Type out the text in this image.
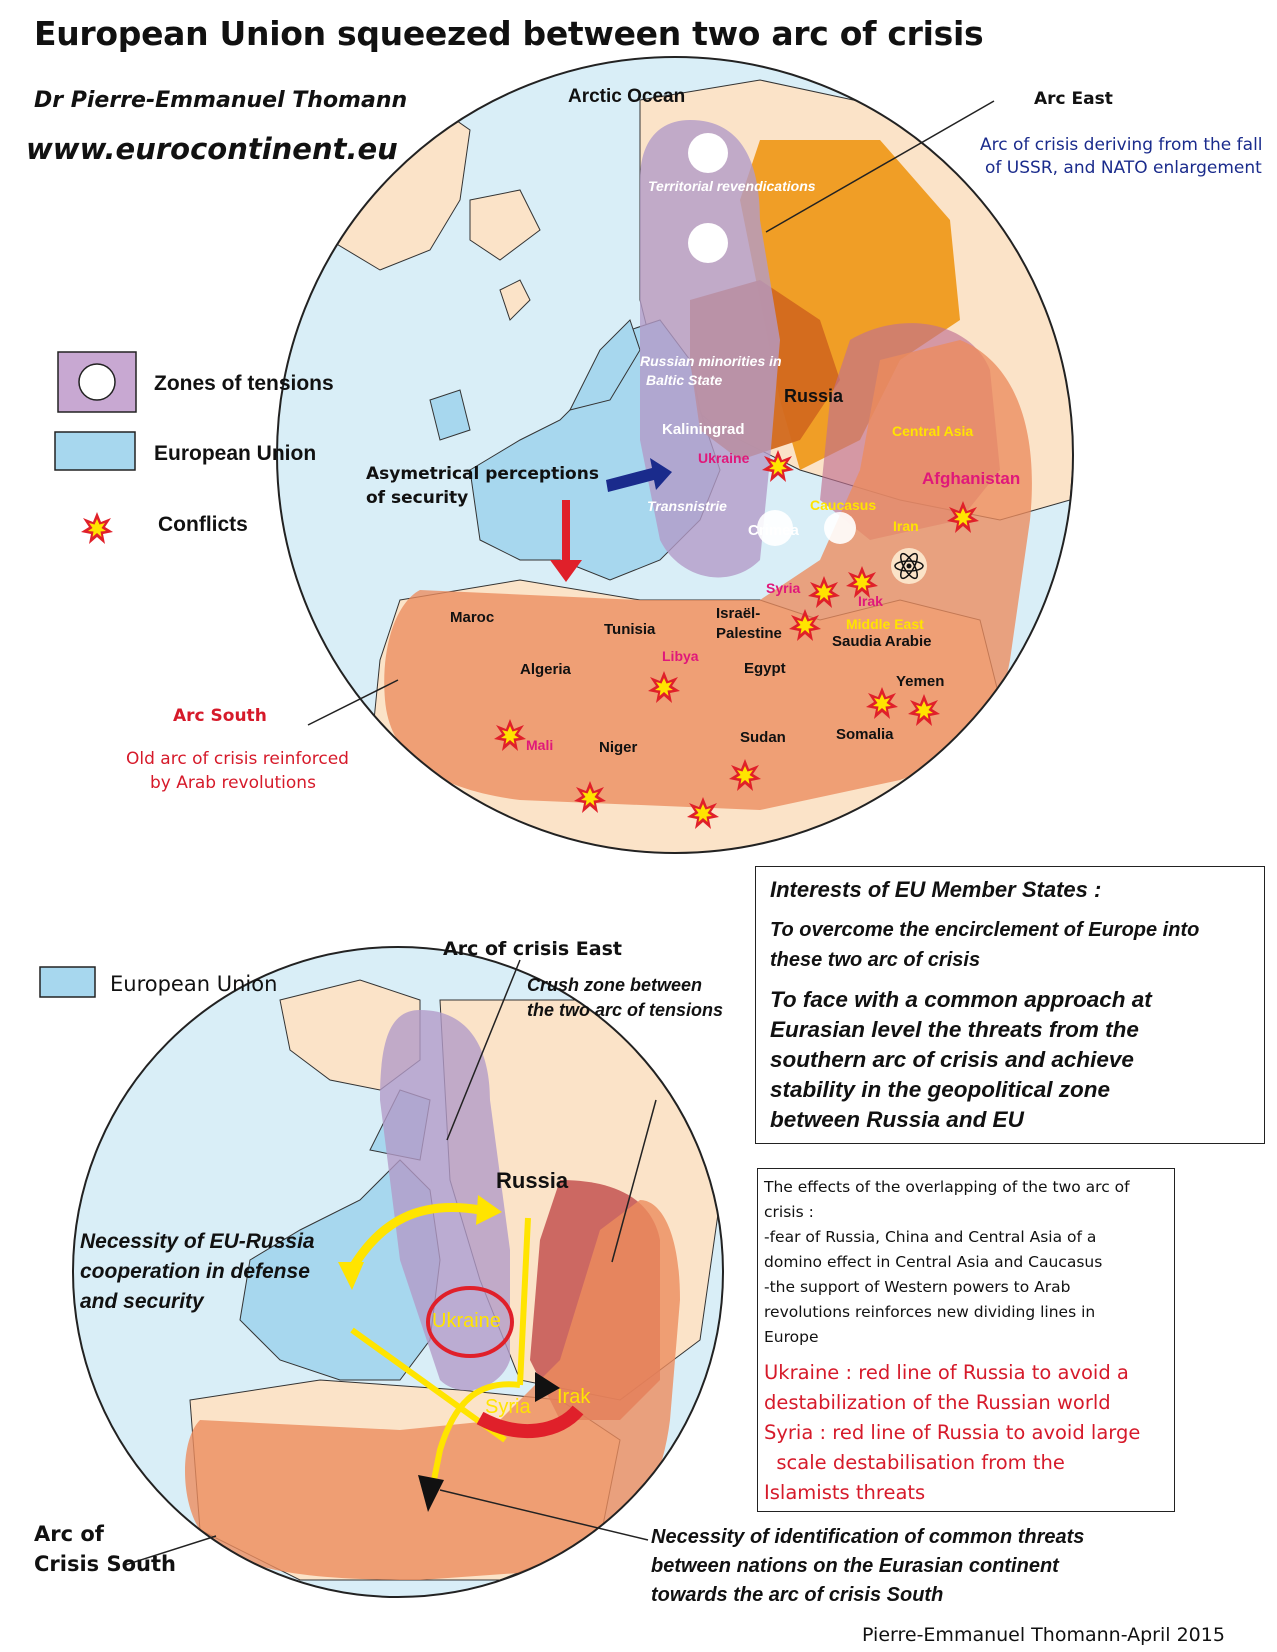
European Union squeezed between two arc of crisis
Dr Pierre-Emmanuel Thomann
www.eurocontinent.eu
Zones of tensions
European Union
Conflicts
Arc East
Arc of crisis deriving from the fall
of USSR, and NATO enlargement
Arc South
Old arc of crisis reinforced
by Arab revolutions
Arctic Ocean
Territorial revendications
Russian minorities in
Baltic State
Russia
Kaliningrad
Ukraine
Transnistrie
Crimea
Caucasus
Central Asia
Afghanistan
Iran
Syria
Irak
Middle East
Saudia Arabie
Israël-
Palestine
Maroc
Tunisia
Algeria
Libya
Egypt
Mali	Niger
Sudan
Yemen
Somalia
Asymetrical perceptions
of security
European Union
Arc of crisis East
Crush zone between
the two arc of tensions
Russia
Ukraine
Syria Irak
Necessity of EU-Russia
cooperation in defense
and security
Arc of
Crisis South
Necessity of identification of common threats
between nations on the Eurasian continent
towards the arc of crisis South
Interests of EU Member States :
To overcome the encirclement of Europe into
these two arc of crisis
To face with a common approach at
Eurasian level the threats from the
southern arc of crisis and achieve
stability in the geopolitical zone
between Russia and EU
The effects of the overlapping of the two arc of
crisis :
-fear of Russia, China and Central Asia of a
domino effect in Central Asia and Caucasus
-the support of Western powers to Arab
revolutions reinforces new dividing lines in
Europe
Ukraine : red line of Russia to avoid a
destabilization of the Russian world
Syria : red line of Russia to avoid large
scale destabilisation from the
Islamists threats
Pierre-Emmanuel Thomann-April 2015
